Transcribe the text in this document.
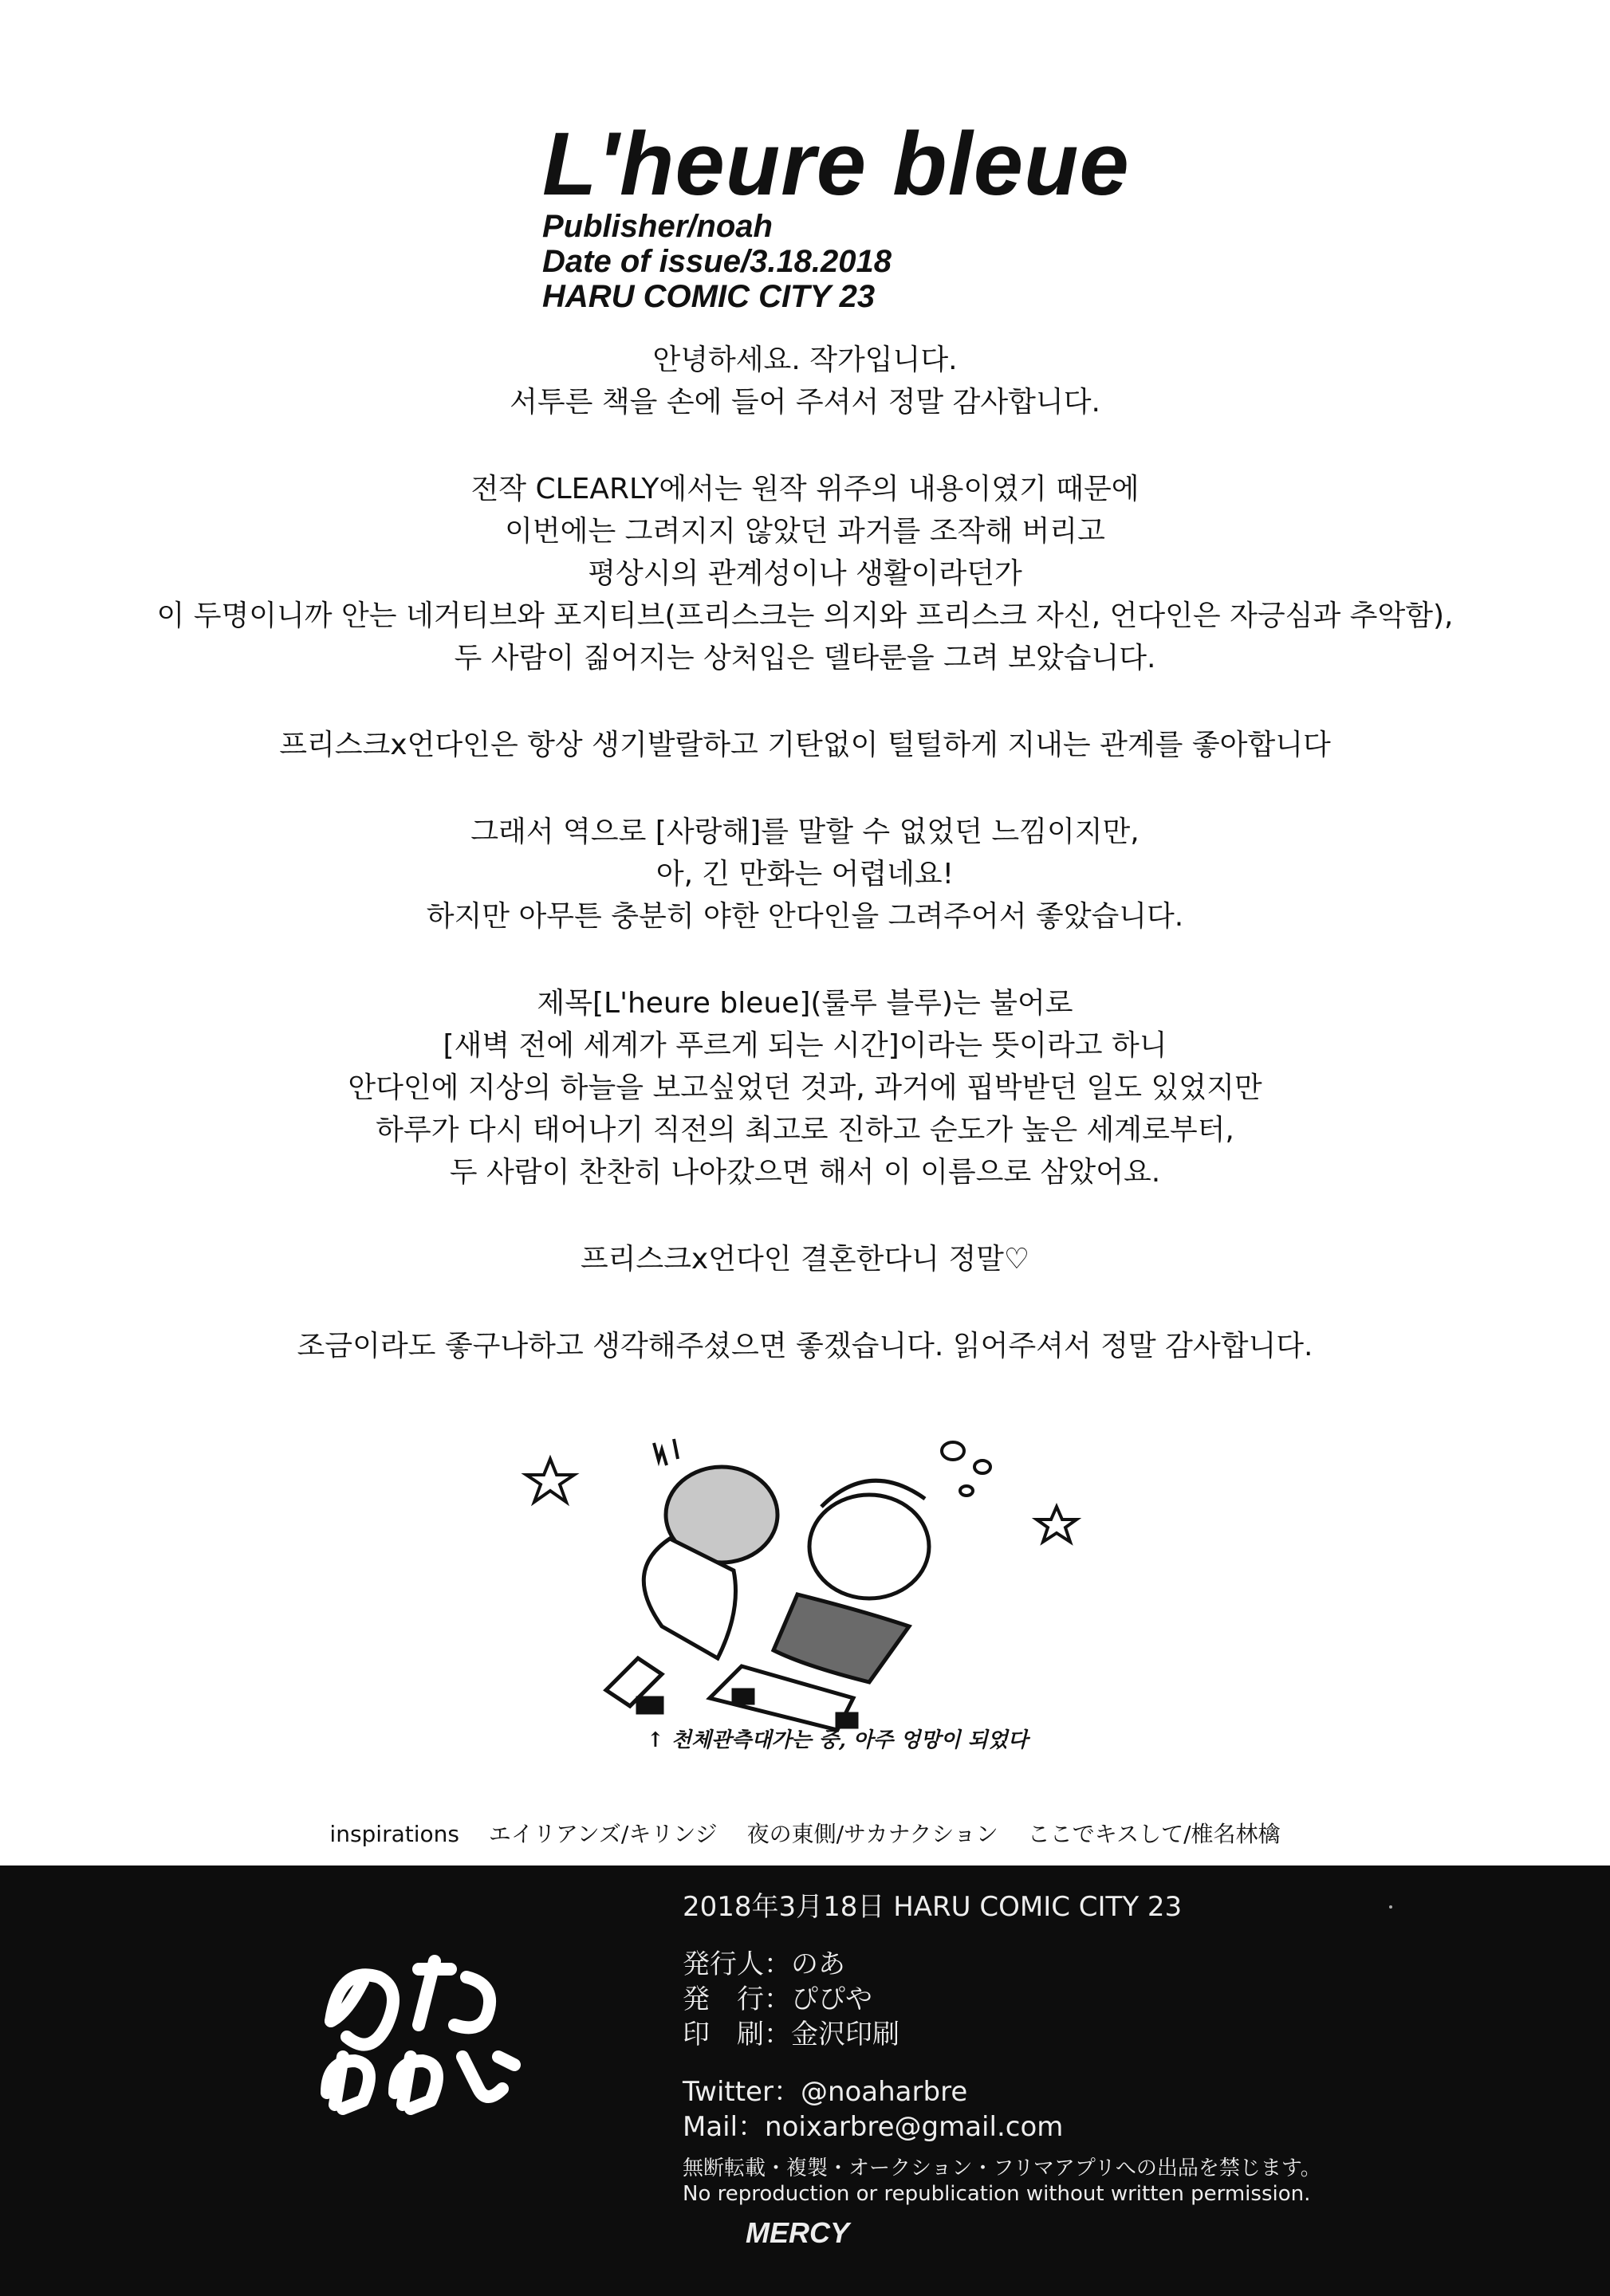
L'heure bleue
Publisher/noah
Date of issue/3.18.2018
HARU COMIC CITY 23
안녕하세요. 작가입니다.
서투른 책을 손에 들어 주셔서 정말 감사합니다.
전작 CLEARLY에서는 원작 위주의 내용이였기 때문에
이번에는 그려지지 않았던 과거를 조작해 버리고
평상시의 관계성이나 생활이라던가
이 두명이니까 안는 네거티브와 포지티브(프리스크는 의지와 프리스크 자신, 언다인은 자긍심과 추악함),
두 사람이 짊어지는 상처입은 델타룬을 그려 보았습니다.
프리스크x언다인은 항상 생기발랄하고 기탄없이 털털하게 지내는 관계를 좋아합니다
그래서 역으로 [사랑해]를 말할 수 없었던 느낌이지만,
아, 긴 만화는 어렵네요!
하지만 아무튼 충분히 야한 안다인을 그려주어서 좋았습니다.
제목[L'heure bleue](룰루 블루)는 불어로
[새벽 전에 세계가 푸르게 되는 시간]이라는 뜻이라고 하니
안다인에 지상의 하늘을 보고싶었던 것과, 과거에 핍박받던 일도 있었지만
하루가 다시 태어나기 직전의 최고로 진하고 순도가 높은 세계로부터,
두 사람이 찬찬히 나아갔으면 해서 이 이름으로 삼았어요.
프리스크x언다인 결혼한다니 정말♡
조금이라도 좋구나하고 생각해주셨으면 좋겠습니다. 읽어주셔서 정말 감사합니다.
↑ 천체관측대가는 중, 아주 엉망이 되었다
inspirations エイリアンズ/キリンジ 夜の東側/サカナクション ここでキスして/椎名林檎
2018年3月18日 HARU COMIC CITY 23
発行人：のあ
発　行：ぴぴや
印　刷：金沢印刷
Twitter：@noaharbre
Mail：noixarbre@gmail.com
無断転載・複製・オークション・フリマアプリへの出品を禁じます。
No reproduction or republication without written permission.
MERCY
